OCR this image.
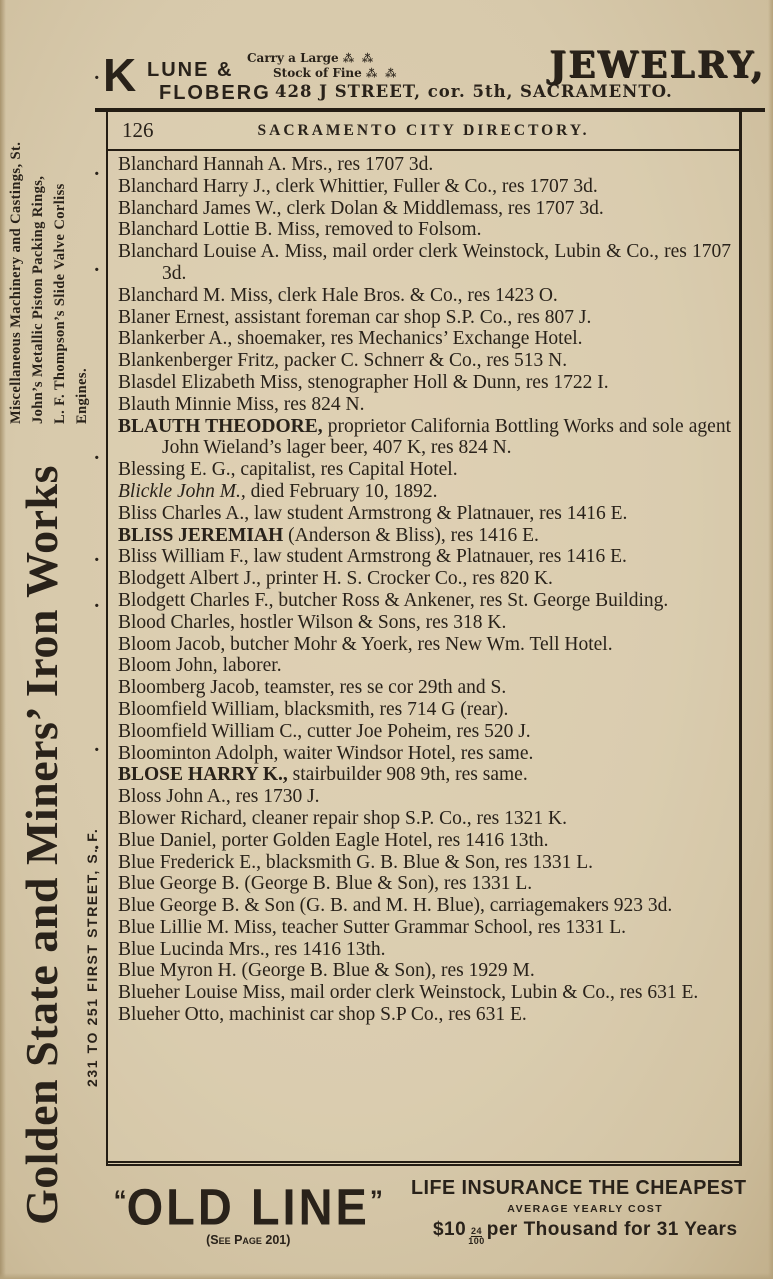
Miscellaneous Machinery and Castings, St. John’s Metallic Piston Packing Rings, L. F. Thompson’s Slide Valve Corliss Engines.
Golden State and Miners’ Iron Works	231 TO 251 FIRST STREET, S. F.
.
.
.
.
.
.
.
.
K LUNE &
FLOBERG
Carry a Large ⁂ ⁂
Stock of Fine ⁂ ⁂	JEWELRY,
428 J STREET, cor. 5th, SACRAMENTO.
126	SACRAMENTO CITY DIRECTORY.
Blanchard Hannah A. Mrs., res 1707 3d.
Blanchard Harry J., clerk Whittier, Fuller & Co., res 1707 3d.
Blanchard James W., clerk Dolan & Middlemass, res 1707 3d.
Blanchard Lottie B. Miss, removed to Folsom.
Blanchard Louise A. Miss, mail order clerk Weinstock, Lubin & Co., res 1707 3d.
Blanchard M. Miss, clerk Hale Bros. & Co., res 1423 O.
Blaner Ernest, assistant foreman car shop S.P. Co., res 807 J.
Blankerber A., shoemaker, res Mechanics’ Exchange Hotel.
Blankenberger Fritz, packer C. Schnerr & Co., res 513 N.
Blasdel Elizabeth Miss, stenographer Holl & Dunn, res 1722 I.
Blauth Minnie Miss, res 824 N.
BLAUTH THEODORE, proprietor California Bottling Works and sole agent John Wieland’s lager beer, 407 K, res 824 N.
Blessing E. G., capitalist, res Capital Hotel.
Blickle John M., died February 10, 1892.
Bliss Charles A., law student Armstrong & Platnauer, res 1416 E.
BLISS JEREMIAH (Anderson & Bliss), res 1416 E.
Bliss William F., law student Armstrong & Platnauer, res 1416 E.
Blodgett Albert J., printer H. S. Crocker Co., res 820 K.
Blodgett Charles F., butcher Ross & Ankener, res St. George Building.
Blood Charles, hostler Wilson & Sons, res 318 K.
Bloom Jacob, butcher Mohr & Yoerk, res New Wm. Tell Hotel.
Bloom John, laborer.
Bloomberg Jacob, teamster, res se cor 29th and S.
Bloomfield William, blacksmith, res 714 G (rear).
Bloomfield William C., cutter Joe Poheim, res 520 J.
Bloominton Adolph, waiter Windsor Hotel, res same.
BLOSE HARRY K., stairbuilder 908 9th, res same.
Bloss John A., res 1730 J.
Blower Richard, cleaner repair shop S.P. Co., res 1321 K.
Blue Daniel, porter Golden Eagle Hotel, res 1416 13th.
Blue Frederick E., blacksmith G. B. Blue & Son, res 1331 L.
Blue George B. (George B. Blue & Son), res 1331 L.
Blue George B. & Son (G. B. and M. H. Blue), carriagemakers 923 3d.
Blue Lillie M. Miss, teacher Sutter Grammar School, res 1331 L.
Blue Lucinda Mrs., res 1416 13th.
Blue Myron H. (George B. Blue & Son), res 1929 M.
Blueher Louise Miss, mail order clerk Weinstock, Lubin & Co., res 631 E.
Blueher Otto, machinist car shop S.P Co., res 631 E.
“OLD LINE”
(See Page 201)
LIFE INSURANCE THE CHEAPEST
AVERAGE YEARLY COST
$10 $\frac{24}{100}$ per Thousand for 31 Years
